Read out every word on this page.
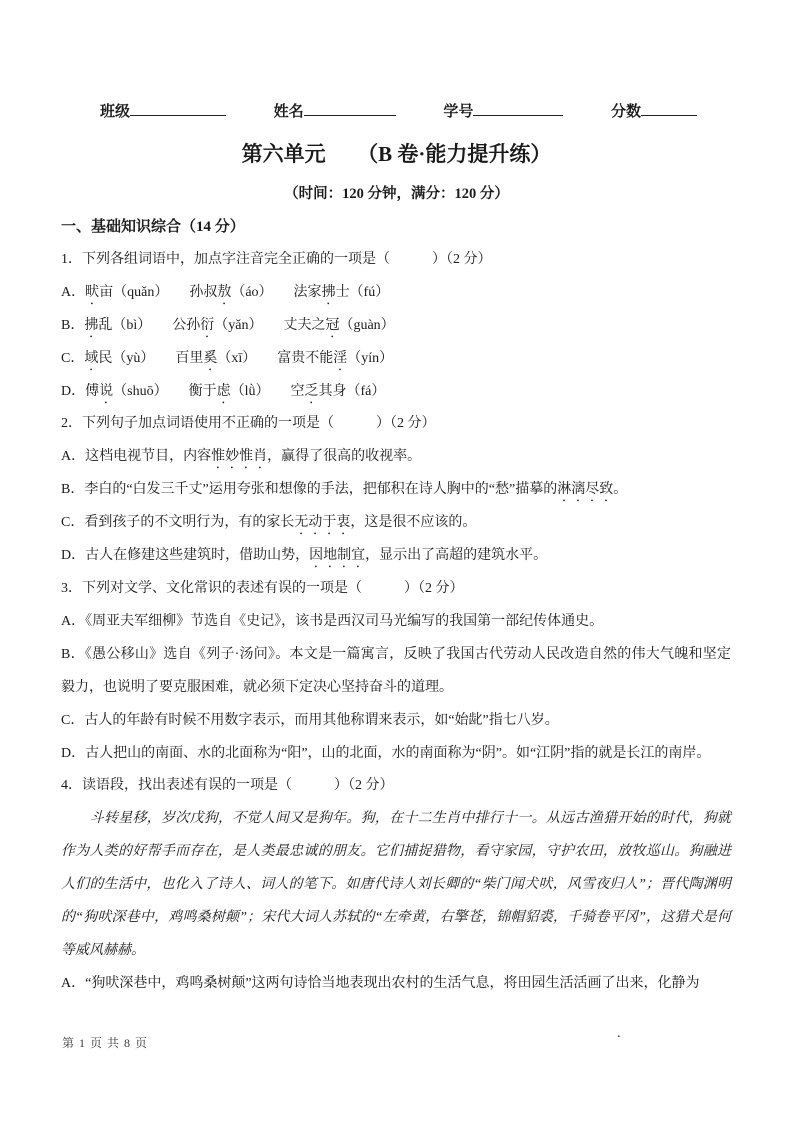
班级	姓名	学号	分数
第六单元　　（B 卷·能力提升练）
（时间：120 分钟，满分：120 分）

一、基础知识综合（14 分）

1．下列各组词语中，加点字注音完全正确的一项是（　　　）（2 分）

A．畎亩（quǎn）　　孙叔敖（áo）　　法家拂士（fú）

B．拂乱（bì）　　公孙衍（yǎn）　　丈夫之冠（guàn）

C．域民（yù）　　百里奚（xī）　　富贵不能淫（yín）

D．傅说（shuō）　　衡于虑（lǜ）　　空乏其身（fá）

2．下列句子加点词语使用不正确的一项是（　　　）（2 分）

A．这档电视节目，内容惟妙惟肖，赢得了很高的收视率。

B．李白的“白发三千丈”运用夸张和想像的手法，把郁积在诗人胸中的“愁”描摹的淋漓尽致。

C．看到孩子的不文明行为，有的家长无动于衷，这是很不应该的。

D．古人在修建这些建筑时，借助山势，因地制宜，显示出了高超的建筑水平。

3．下列对文学、文化常识的表述有误的一项是（　　　）（2 分）

A．《周亚夫军细柳》节选自《史记》，该书是西汉司马光编写的我国第一部纪传体通史。

B．《愚公移山》选自《列子·汤问》。本文是一篇寓言，反映了我国古代劳动人民改造自然的伟大气魄和坚定毅力，也说明了要克服困难，就必须下定决心坚持奋斗的道理。

C．古人的年龄有时候不用数字表示，而用其他称谓来表示，如“始龀”指七八岁。

D．古人把山的南面、水的北面称为“阳”，山的北面，水的南面称为“阴”。如“江阴”指的就是长江的南岸。

4．读语段，找出表述有误的一项是（　　　）（2 分）

斗转星移，岁次戊狗，不觉人间又是狗年。狗，在十二生肖中排行十一。从远古渔猎开始的时代，狗就作为人类的好帮手而存在，是人类最忠诚的朋友。它们捕捉猎物，看守家园，守护农田，放牧巡山。狗融进人们的生活中，也化入了诗人、词人的笔下。如唐代诗人刘长卿的“柴门闻犬吠，风雪夜归人”；晋代陶渊明的“狗吠深巷中，鸡鸣桑树颠”；宋代大词人苏轼的“左牵黄，右擎苍，锦帽貂裘，千骑卷平冈”，这猎犬是何等威风赫赫。

A．“狗吠深巷中，鸡鸣桑树颠”这两句诗恰当地表现出农村的生活气息，将田园生活活画了出来，化静为

第 1 页 共 8 页
.
